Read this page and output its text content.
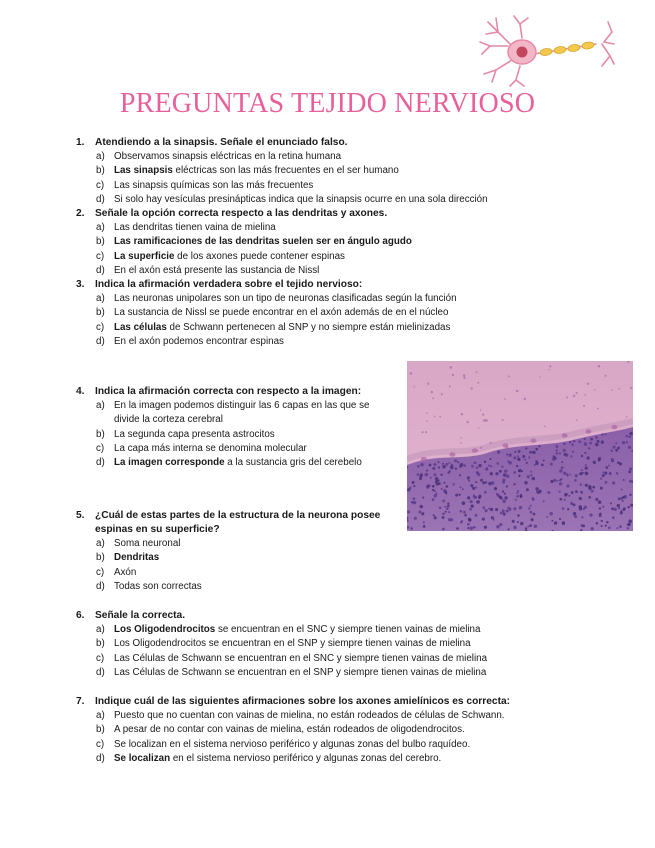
PREGUNTAS TEJIDO NERVIOSO
1. Atendiendo a la sinapsis. Señale el enunciado falso.
a) Observamos sinapsis eléctricas en la retina humana
b) Las sinapsis eléctricas son las más frecuentes en el ser humano
c) Las sinapsis químicas son las más frecuentes
d) Si solo hay vesículas presinápticas indica que la sinapsis ocurre en una sola dirección
2. Señale la opción correcta respecto a las dendritas y axones.
a) Las dendritas tienen vaina de mielina
b) Las ramificaciones de las dendritas suelen ser en ángulo agudo
c) La superficie de los axones puede contener espinas
d) En el axón está presente las sustancia de Nissl
3. Indica la afirmación verdadera sobre el tejido nervioso:
a) Las neuronas unipolares son un tipo de neuronas clasificadas según la función
b) La sustancia de Nissl se puede encontrar en el axón además de en el núcleo
c) Las células de Schwann pertenecen al SNP y no siempre están mielinizadas
d) En el axón podemos encontrar espinas
4. Indica la afirmación correcta con respecto a la imagen:
a) En la imagen podemos distinguir las 6 capas en las que se
divide la corteza cerebral
b) La segunda capa presenta astrocitos
c) La capa más interna se denomina molecular
d) La imagen corresponde a la sustancia gris del cerebelo
5. ¿Cuál de estas partes de la estructura de la neurona posee
espinas en su superficie?
a) Soma neuronal
b) Dendritas
c) Axón
d) Todas son correctas
6. Señale la correcta.
a) Los Oligodendrocitos se encuentran en el SNC y siempre tienen vainas de mielina
b) Los Oligodendrocitos se encuentran en el SNP y siempre tienen vainas de mielina
c) Las Células de Schwann se encuentran en el SNC y siempre tienen vainas de mielina
d) Las Células de Schwann se encuentran en el SNP y siempre tienen vainas de mielina
7. Indique cuál de las siguientes afirmaciones sobre los axones amielínicos es correcta:
a) Puesto que no cuentan con vainas de mielina, no están rodeados de células de Schwann.
b) A pesar de no contar con vainas de mielina, están rodeados de oligodendrocitos.
c) Se localizan en el sistema nervioso periférico y algunas zonas del bulbo raquídeo.
d) Se localizan en el sistema nervioso periférico y algunas zonas del cerebro.
